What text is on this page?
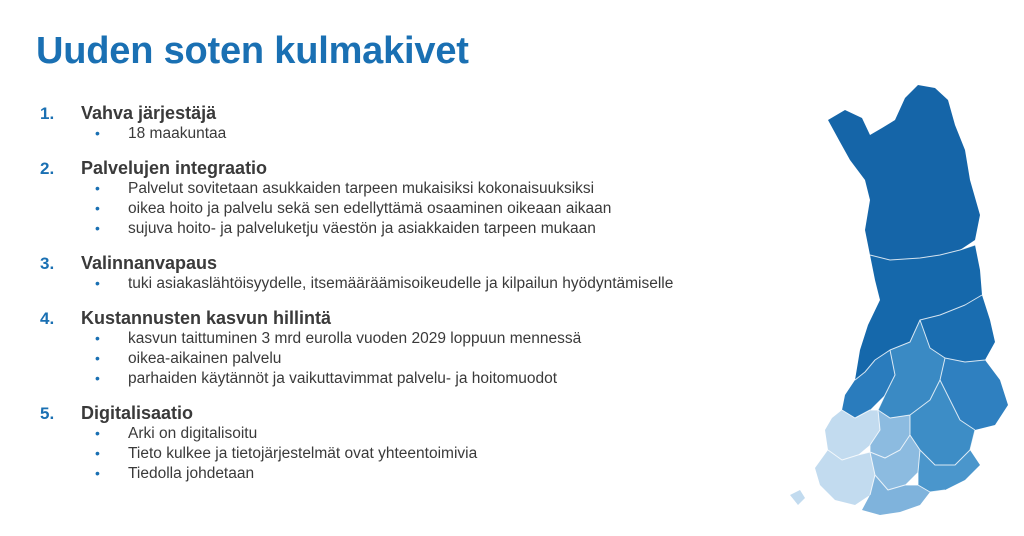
Uuden soten kulmakivet
1.	Vahva järjestäjä
•	18 maakuntaa
2.	Palvelujen integraatio
•	Palvelut sovitetaan asukkaiden tarpeen mukaisiksi kokonaisuuksiksi
•	oikea hoito ja palvelu sekä sen edellyttämä osaaminen oikeaan aikaan
•	sujuva hoito- ja palveluketju väestön ja asiakkaiden tarpeen mukaan
3.	Valinnanvapaus
•	tuki asiakaslähtöisyydelle, itsemääräämisoikeudelle ja kilpailun hyödyntämiselle
4.	Kustannusten kasvun hillintä
•	kasvun taittuminen 3 mrd eurolla vuoden 2029 loppuun mennessä
•	oikea-aikainen palvelu
•	parhaiden käytännöt ja vaikuttavimmat palvelu- ja hoitomuodot
5.	Digitalisaatio
•	Arki on digitalisoitu
•	Tieto kulkee ja tietojärjestelmät ovat yhteentoimivia
•	Tiedolla johdetaan
